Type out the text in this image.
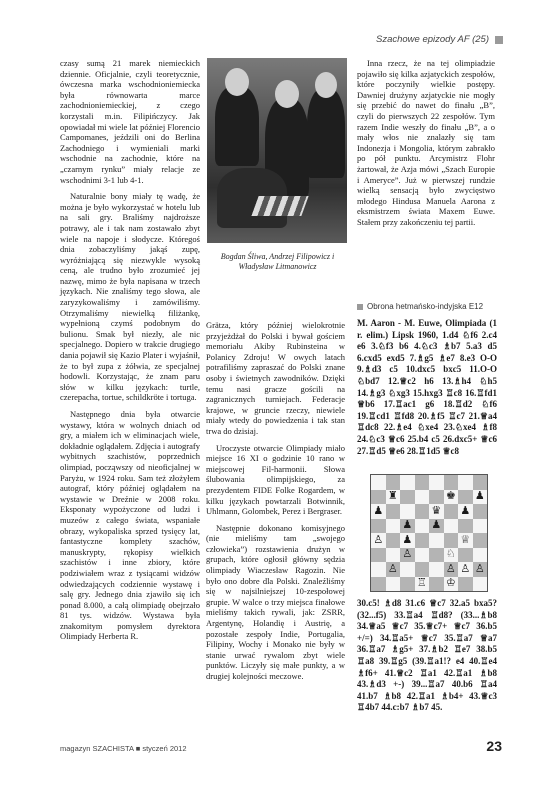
Szachowe epizody AF (25)

czasy sumą 21 marek niemieckich dziennie. Oficjalnie, czyli teoretycznie, ówczesna marka wschodnioniemiecka była równowarta marce zachodnioniemieckiej, z czego korzystali m.in. Filipińczycy. Jak opowiadał mi wiele lat później Florencio Campomanes, jeździli oni do Berlina Zachodniego i wymieniali marki wschodnie na zachodnie, które na „czarnym rynku” miały relacje ze wschodnimi 3-1 lub 4-1.

Naturalnie bony miały tę wadę, że można je było wykorzystać w hotelu lub na sali gry. Braliśmy najdroższe potrawy, ale i tak nam zostawało zbyt wiele na napoje i słodycze. Któregoś dnia zobaczyliśmy jakąś zupę, wyróżniającą się niezwykle wysoką ceną, ale trudno było zrozumieć jej nazwę, mimo że była napisana w trzech językach. Nie znaliśmy tego słowa, ale zaryzykowaliśmy i zamówiliśmy. Otrzymaliśmy niewielką filiżankę, wypełnioną czymś podobnym do bulionu. Smak był niezły, ale nic specjalnego. Dopiero w trakcie drugiego dania pojawił się Kazio Plater i wyjaśnił, że to był zupa z żółwia, ze specjalnej hodowli. Korzystając, że znam paru słów w kilku językach: turtle, czerepacha, tortue, schildkröte i tortuga.

Następnego dnia była otwarcie wystawy, która w wolnych dniach od gry, a miałem ich w eliminacjach wiele, dokładnie oglądałem. Zdjęcia i autografy wybitnych szachistów, poprzednich olimpiad, począwszy od nieoficjalnej w Paryżu, w 1924 roku. Sam też złożyłem autograf, który później oglądałem na wystawie w Dreźnie w 2008 roku. Eksponaty wypożyczone od ludzi i muzeów z całego świata, wspaniałe obrazy, wykopaliska sprzed tysięcy lat, fantastyczne komplety szachów, manuskrypty, rękopisy wielkich szachistów i inne zbiory, które podziwiałem wraz z tysiącami widzów odwiedzających codziennie wystawę i salę gry. Jednego dnia zjawiło się ich ponad 8.000, a całą olimpiadę obejrzało 81 tys. widzów. Wystawa była znakomitym pomysłem dyrektora Olimpiady Herberta R.

Bogdan Śliwa, Andrzej Filipowicz i Władysław Litmanowicz

Grätza, który później wielokrotnie przyjeżdżał do Polski i bywał gościem memoriału Akiby Rubinsteina w Polanicy Zdroju! W owych latach potrafiliśmy zapraszać do Polski znane osoby i świetnych zawodników. Dzięki temu nasi gracze gościli na zagranicznych turniejach. Federacje krajowe, w gruncie rzeczy, niewiele miały wtedy do powiedzenia i tak stan trwa do dzisiaj.

Uroczyste otwarcie Olimpiady miało miejsce 16 XI o godzinie 10 rano w miejscowej Fil-harmonii. Słowa ślubowania olimpijskiego, za prezydentem FIDE Folke Rogardem, w kilku językach powtarzali Botwinnik, Uhlmann, Golombek, Perez i Bergraser.

Następnie dokonano komisyjnego (nie mieliśmy tam „swojego człowieka”) rozstawienia drużyn w grupach, które ogłosił główny sędzia olimpiady Wiaczesław Ragozin. Nie było ono dobre dla Polski. Znaleźliśmy się w najsilniejszej 10-zespołowej grupie. W walce o trzy miejsca finałowe mieliśmy takich rywali, jak: ZSRR, Argentynę, Holandię i Austrię, a pozostałe zespoły Indie, Portugalia, Filipiny, Wochy i Monako nie były w stanie urwać rywalom zbyt wiele punktów. Liczyły się małe punkty, a w drugiej kolejności meczowe.

Inna rzecz, że na tej olimpiadzie pojawiło się kilka azjatyckich zespołów, które poczyniły wielkie postępy. Dawniej drużyny azjatyckie nie mogły się przebić do nawet do finału „B”, czyli do pierwszych 22 zespołów. Tym razem Indie weszły do finału „B”, a o mały włos nie znalazły się tam Indonezja i Mongolia, którym zabrakło po pół punktu. Arcymistrz Flohr żartował, że Azja mówi „Szach Europie i Ameryce”. Już w pierwszej rundzie wielką sensacją było zwycięstwo młodego Hindusa Manuela Aarona z eksmistrzem świata Maxem Euwe. Stałem przy zakończeniu tej partii.

Obrona hetmańsko-indyjska E12
M. Aaron - M. Euwe, Olimpiada (1 r. elim.) Lipsk 1960, 1.d4 ♘f6 2.c4 e6 3.♘f3 b6 4.♘c3 ♗b7 5.a3 d5 6.cxd5 exd5 7.♗g5 ♗e7 8.e3 O-O 9.♗d3 c5 10.dxc5 bxc5 11.O-O ♘bd7 12.♕c2 h6 13.♗h4 ♘h5 14.♗g3 ♘xg3 15.hxg3 ♖c8 16.♖fd1 ♕b6 17.♖ac1 g6 18.♖d2 ♘f6 19.♖cd1 ♖fd8 20.♗f5 ♖c7 21.♕a4 ♖dc8 22.♗e4 ♘xe4 23.♘xe4 ♗f8 24.♘c3 ♕c6 25.b4 c5 26.dxc5+ ♕c6 27.♖d5 ♕e6 28.♖1d5 ♕c8
♜	♚ ♟
♟	♛ ♟
♟ ♟
♙ ♟	♕
♙	♘
♙	♙ ♙ ♙
♖ ♔
30.c5! ♗d8 31.c6 ♕c7 32.a5 bxa5? (32...f5) 33.♖a4 ♖d8? (33...♗b8 34.♕a5 ♕c7 35.♕c7+ ♕c7 36.b5 +/=) 34.♖a5+ ♕c7 35.♖a7 ♕a7 36.♖a7 ♗g5+ 37.♗b2 ♖e7 38.b5 ♖a8 39.♖g5 (39.♖a1!? e4 40.♖e4 ♗f6+ 41.♕c2 ♖a1 42.♖a1 ♗b8 43.♗d3 +-) 39...♖a7 40.b6 ♖a4 41.b7 ♗b8 42.♖a1 ♗b4+ 43.♕c3 ♖4b7 44.c:b7 ♗b7 45.
magazyn SZACHISTA ■ styczeń 2012	23
